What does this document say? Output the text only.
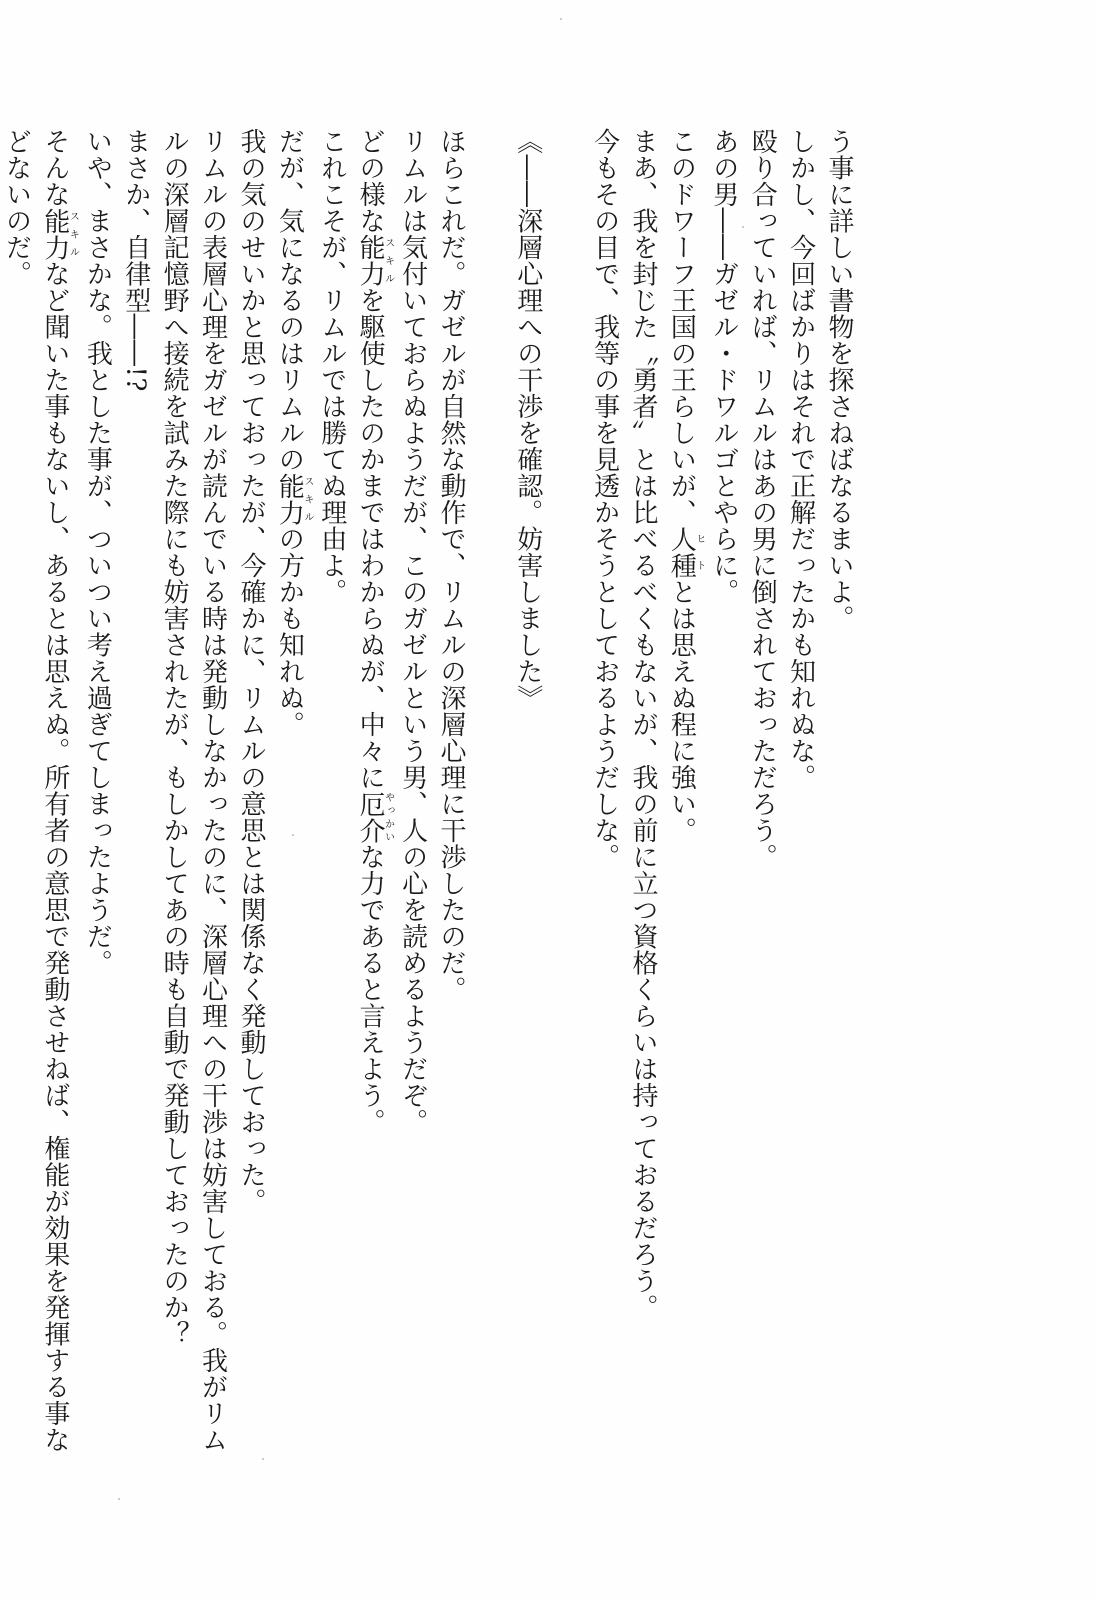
う事に詳しい書物を探さねばなるまいよ。
しかし、今回ばかりはそれで正解だったかも知れぬな。
殴り合っていれば、リムルはあの男に倒されておっただろう。
あの男――ガゼル・ドワルゴとやらに。
このドワーフ王国の王らしいが、人種ヒトとは思えぬ程に強い。
まあ、我を封じた〝勇者〟とは比べるべくもないが、我の前に立つ資格くらいは持っておるだろう。
今もその目で、我等の事を見透かそうとしておるようだしな。
《――深層心理への干渉を確認。妨害しました》
ほらこれだ。ガゼルが自然な動作で、リムルの深層心理に干渉したのだ。
リムルは気付いておらぬようだが、このガゼルという男、人の心を読めるようだぞ。
どの様な能力スキルを駆使したのかまではわからぬが、中々に厄介やっかいな力であると言えよう。
これこそが、リムルでは勝てぬ理由よ。
だが、気になるのはリムルの能力スキルの方かも知れぬ。
我の気のせいかと思っておったが、今確かに、リムルの意思とは関係なく発動しておった。
リムルの表層心理をガゼルが読んでいる時は発動しなかったのに、深層心理への干渉は妨害しておる。我がリム
ルの深層記憶野へ接続を試みた際にも妨害されたが、もしかしてあの時も自動で発動しておったのか？
まさか、自律型――!?
いや、まさかな。我とした事が、ついつい考え過ぎてしまったようだ。
そんな能力スキルなど聞いた事もないし、あるとは思えぬ。所有者の意思で発動させねば、権能が効果を発揮する事な
どないのだ。
